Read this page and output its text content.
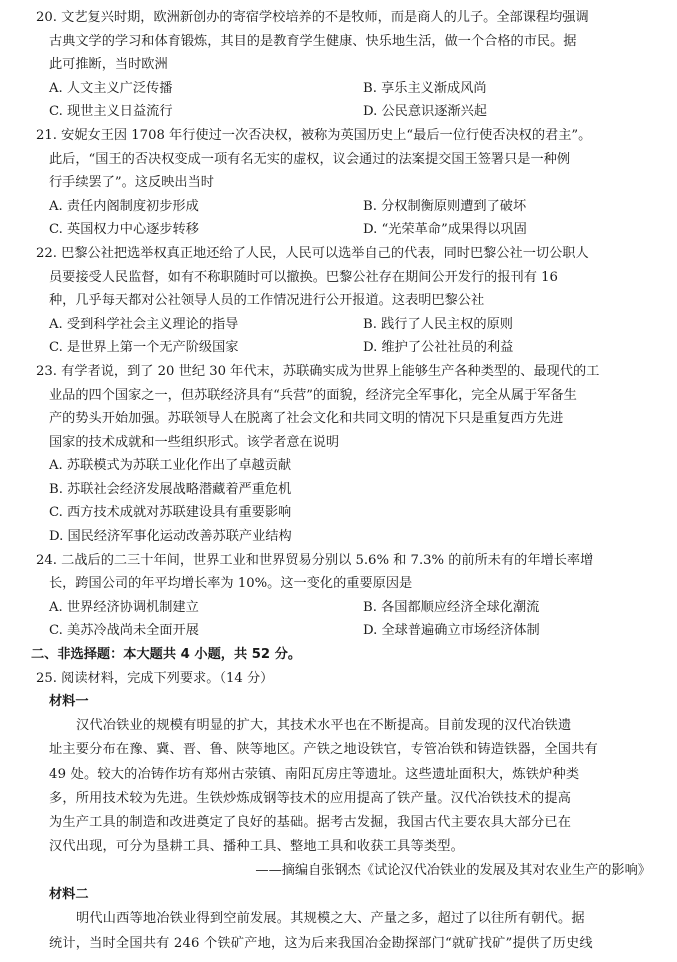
20. 文艺复兴时期，欧洲新创办的寄宿学校培养的不是牧师，而是商人的儿子。全部课程均强调
古典文学的学习和体育锻炼，其目的是教育学生健康、快乐地生活，做一个合格的市民。据
此可推断，当时欧洲
A. 人文主义广泛传播	B. 享乐主义渐成风尚
C. 现世主义日益流行	D. 公民意识逐渐兴起
21. 安妮女王因 1708 年行使过一次否决权，被称为英国历史上“最后一位行使否决权的君主”。
此后，“国王的否决权变成一项有名无实的虚权，议会通过的法案提交国王签署只是一种例
行手续罢了”。这反映出当时
A. 责任内阁制度初步形成	B. 分权制衡原则遭到了破坏
C. 英国权力中心逐步转移	D. “光荣革命”成果得以巩固
22. 巴黎公社把选举权真正地还给了人民，人民可以选举自己的代表，同时巴黎公社一切公职人
员要接受人民监督，如有不称职随时可以撤换。巴黎公社存在期间公开发行的报刊有 16
种，几乎每天都对公社领导人员的工作情况进行公开报道。这表明巴黎公社
A. 受到科学社会主义理论的指导	B. 践行了人民主权的原则
C. 是世界上第一个无产阶级国家	D. 维护了公社社员的利益
23. 有学者说，到了 20 世纪 30 年代末，苏联确实成为世界上能够生产各种类型的、最现代的工
业品的四个国家之一，但苏联经济具有“兵营”的面貌，经济完全军事化，完全从属于军备生
产的势头开始加强。苏联领导人在脱离了社会文化和共同文明的情况下只是重复西方先进
国家的技术成就和一些组织形式。该学者意在说明
A. 苏联模式为苏联工业化作出了卓越贡献
B. 苏联社会经济发展战略潜藏着严重危机
C. 西方技术成就对苏联建设具有重要影响
D. 国民经济军事化运动改善苏联产业结构
24. 二战后的二三十年间，世界工业和世界贸易分别以 5.6% 和 7.3% 的前所未有的年增长率增
长，跨国公司的年平均增长率为 10%。这一变化的重要原因是
A. 世界经济协调机制建立	B. 各国都顺应经济全球化潮流
C. 美苏冷战尚未全面开展	D. 全球普遍确立市场经济体制
二、非选择题：本大题共 4 小题，共 52 分。
25. 阅读材料，完成下列要求。（14 分）
材料一
汉代冶铁业的规模有明显的扩大，其技术水平也在不断提高。目前发现的汉代冶铁遗
址主要分布在豫、冀、晋、鲁、陕等地区。产铁之地设铁官，专管冶铁和铸造铁器，全国共有
49 处。较大的冶铸作坊有郑州古荥镇、南阳瓦房庄等遗址。这些遗址面积大，炼铁炉种类
多，所用技术较为先进。生铁炒炼成钢等技术的应用提高了铁产量。汉代冶铁技术的提高
为生产工具的制造和改进奠定了良好的基础。据考古发掘，我国古代主要农具大部分已在
汉代出现，可分为垦耕工具、播种工具、整地工具和收获工具等类型。
——摘编自张钢杰《试论汉代冶铁业的发展及其对农业生产的影响》
材料二
明代山西等地冶铁业得到空前发展。其规模之大、产量之多，超过了以往所有朝代。据
统计，当时全国共有 246 个铁矿产地，这为后来我国冶金勘探部门“就矿找矿”提供了历史线
